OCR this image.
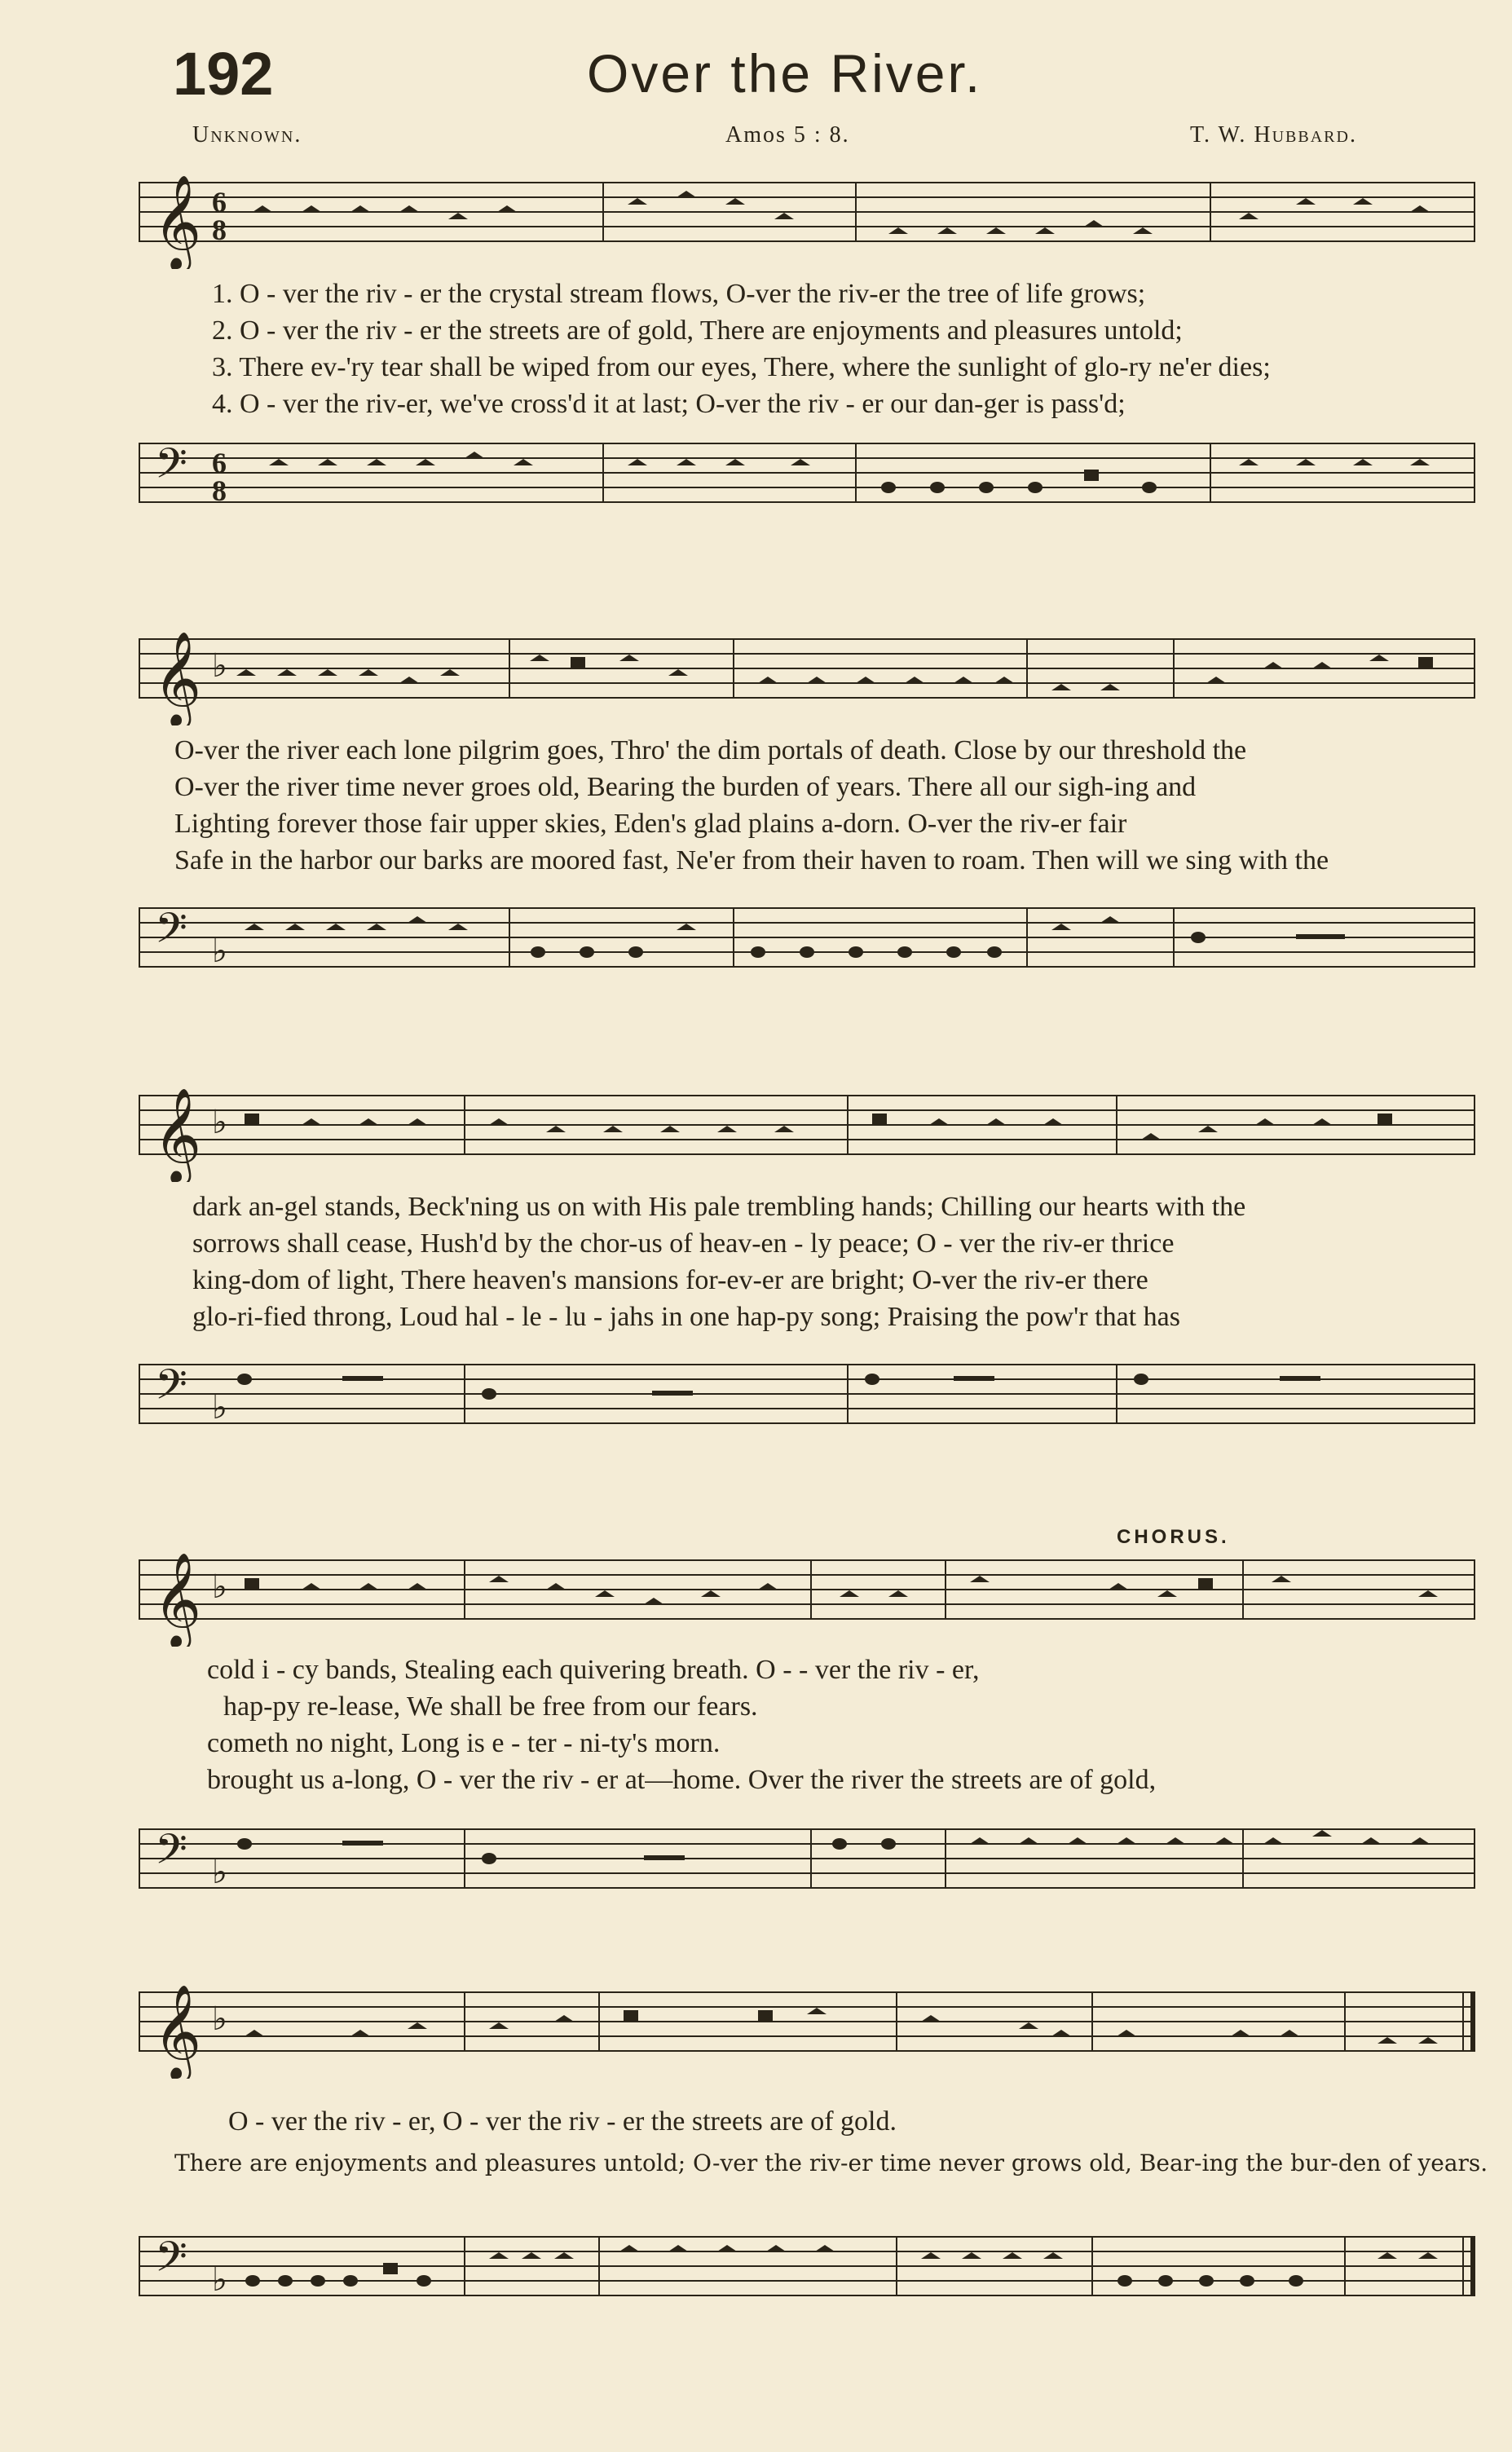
192	Over the River.
Unknown.	Amos 5 : 8.	T. W. Hubbard.
𝄞 6
8
1. O - ver the riv - er the crystal stream flows, O-ver the riv-er the tree of life grows;
2. O - ver the riv - er the streets are of gold, There are enjoyments and pleasures untold;
3. There ev-'ry tear shall be wiped from our eyes, There, where the sunlight of glo-ry ne'er dies;
4. O - ver the riv-er, we've cross'd it at last; O-ver the riv - er our dan-ger is pass'd;
𝄢 6
8
𝄞 ♭
O-ver the river each lone pilgrim goes, Thro' the dim portals of death. Close by our threshold the
O-ver the river time never groes old, Bearing the burden of years. There all our sigh-ing and
Lighting forever those fair upper skies, Eden's glad plains a-dorn. O-ver the riv-er fair
Safe in the harbor our barks are moored fast, Ne'er from their haven to roam. Then will we sing with the
𝄢 ♭
𝄞 ♭
dark an-gel stands, Beck'ning us on with His pale trembling hands; Chilling our hearts with the
sorrows shall cease, Hush'd by the chor-us of heav-en - ly peace; O - ver the riv-er thrice
king-dom of light, There heaven's mansions for-ev-er are bright; O-ver the riv-er there
glo-ri-fied throng, Loud hal - le - lu - jahs in one hap-py song; Praising the pow'r that has
𝄢 ♭
CHORUS.
𝄞 ♭
cold i - cy bands, Stealing each quivering breath. O - - ver the riv - er,
hap-py re-lease, We shall be free from our fears.
cometh no night, Long is e - ter - ni-ty's morn.
brought us a-long, O - ver the riv - er at—home. Over the river the streets are of gold,
𝄢 ♭
𝄞 ♭
O - ver the riv - er, O - ver the riv - er the streets are of gold.
There are enjoyments and pleasures untold; O-ver the riv-er time never grows old, Bear-ing the bur-den of years.
𝄢 ♭
